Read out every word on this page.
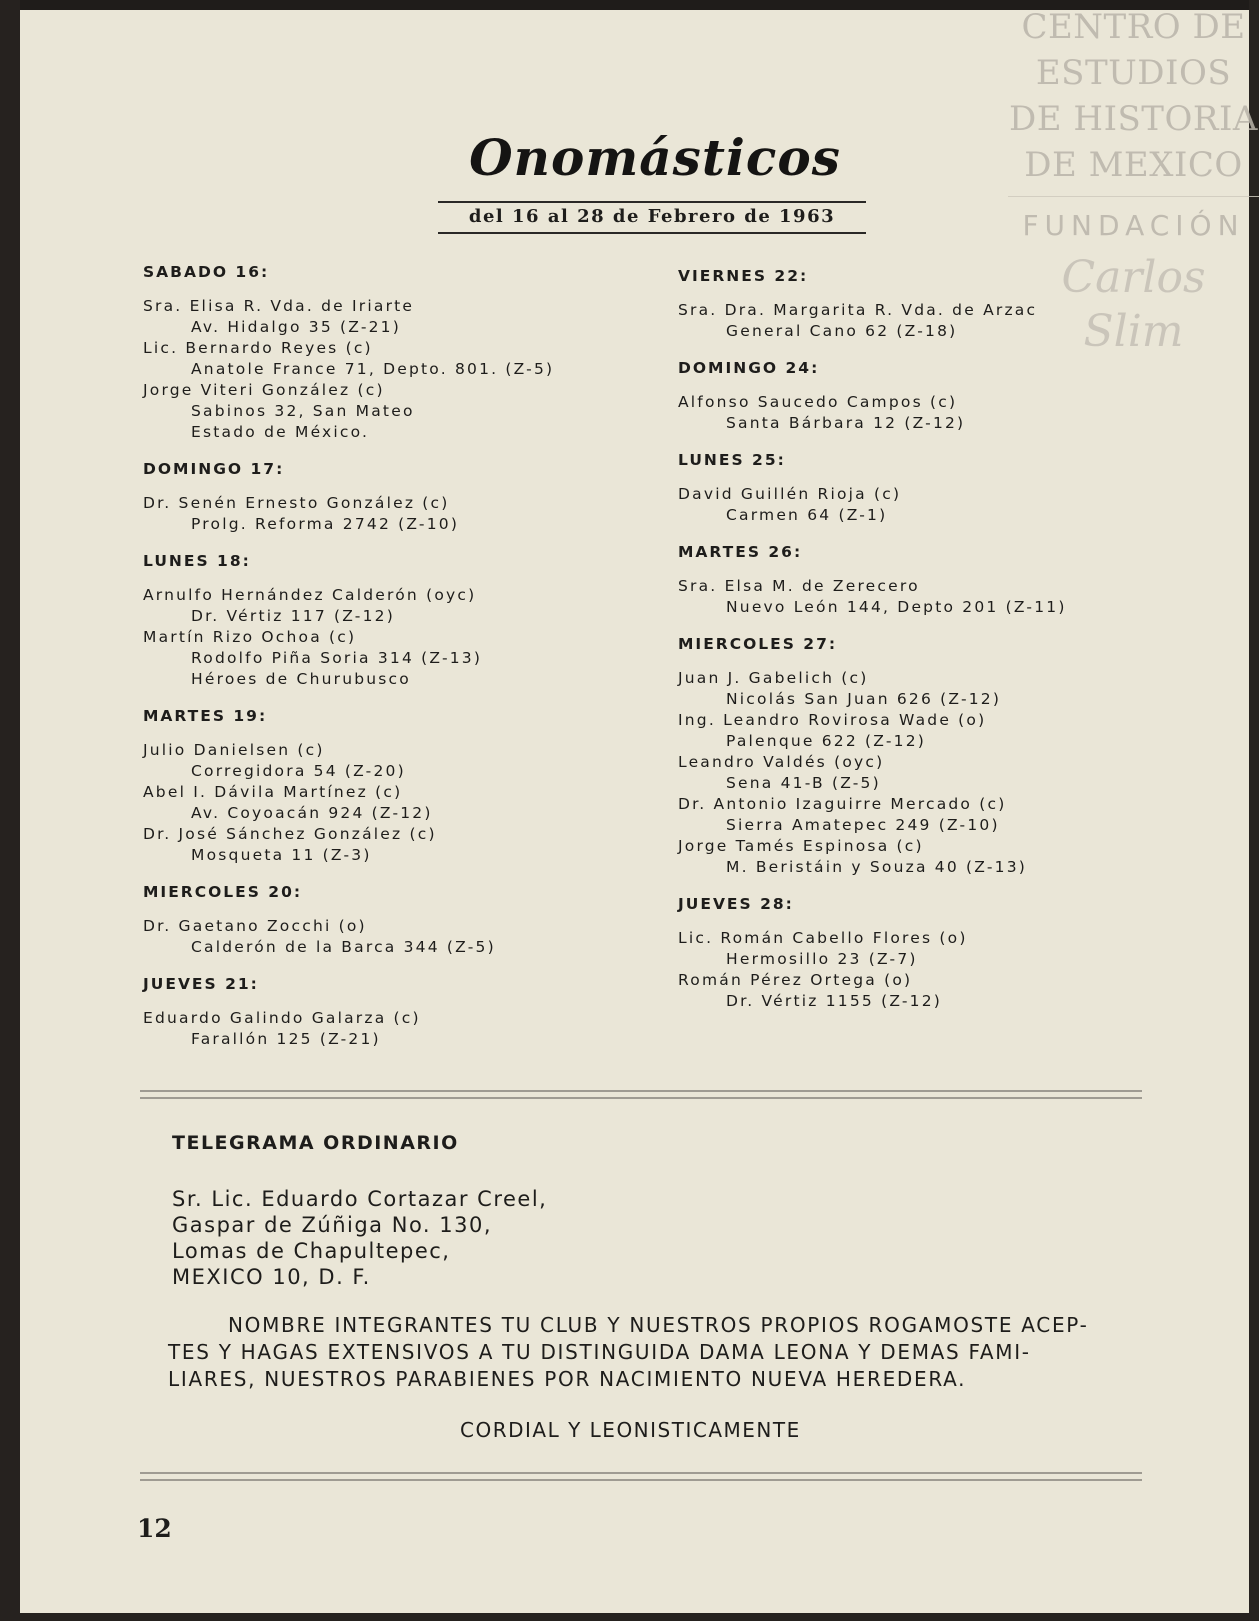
CENTRO DE
ESTUDIOS
DE HISTORIA
DE MEXICO
FUNDACIÓN
Carlos Slim
Onomásticos
del 16 al 28 de Febrero de 1963
SABADO 16:
Sra. Elisa R. Vda. de Iriarte
Av. Hidalgo 35 (Z-21)
Lic. Bernardo Reyes (c)
Anatole France 71, Depto. 801. (Z-5)
Jorge Viteri González (c)
Sabinos 32, San Mateo
Estado de México.
DOMINGO 17:
Dr. Senén Ernesto González (c)
Prolg. Reforma 2742 (Z-10)
LUNES 18:
Arnulfo Hernández Calderón (oyc)
Dr. Vértiz 117 (Z-12)
Martín Rizo Ochoa (c)
Rodolfo Piña Soria 314 (Z-13)
Héroes de Churubusco
MARTES 19:
Julio Danielsen (c)
Corregidora 54 (Z-20)
Abel I. Dávila Martínez (c)
Av. Coyoacán 924 (Z-12)
Dr. José Sánchez González (c)
Mosqueta 11 (Z-3)
MIERCOLES 20:
Dr. Gaetano Zocchi (o)
Calderón de la Barca 344 (Z-5)
JUEVES 21:
Eduardo Galindo Galarza (c)
Farallón 125 (Z-21)
VIERNES 22:
Sra. Dra. Margarita R. Vda. de Arzac
General Cano 62 (Z-18)
DOMINGO 24:
Alfonso Saucedo Campos (c)
Santa Bárbara 12 (Z-12)
LUNES 25:
David Guillén Rioja (c)
Carmen 64 (Z-1)
MARTES 26:
Sra. Elsa M. de Zerecero
Nuevo León 144, Depto 201 (Z-11)
MIERCOLES 27:
Juan J. Gabelich (c)
Nicolás San Juan 626 (Z-12)
Ing. Leandro Rovirosa Wade (o)
Palenque 622 (Z-12)
Leandro Valdés (oyc)
Sena 41-B (Z-5)
Dr. Antonio Izaguirre Mercado (c)
Sierra Amatepec 249 (Z-10)
Jorge Tamés Espinosa (c)
M. Beristáin y Souza 40 (Z-13)
JUEVES 28:
Lic. Román Cabello Flores (o)
Hermosillo 23 (Z-7)
Román Pérez Ortega (o)
Dr. Vértiz 1155 (Z-12)
TELEGRAMA ORDINARIO
Sr. Lic. Eduardo Cortazar Creel,
Gaspar de Zúñiga No. 130,
Lomas de Chapultepec,
MEXICO 10, D. F.
NOMBRE INTEGRANTES TU CLUB Y NUESTROS PROPIOS ROGAMOSTE ACEP-
TES Y HAGAS EXTENSIVOS A TU DISTINGUIDA DAMA LEONA Y DEMAS FAMI-
LIARES, NUESTROS PARABIENES POR NACIMIENTO NUEVA HEREDERA.
CORDIAL Y LEONISTICAMENTE
12
